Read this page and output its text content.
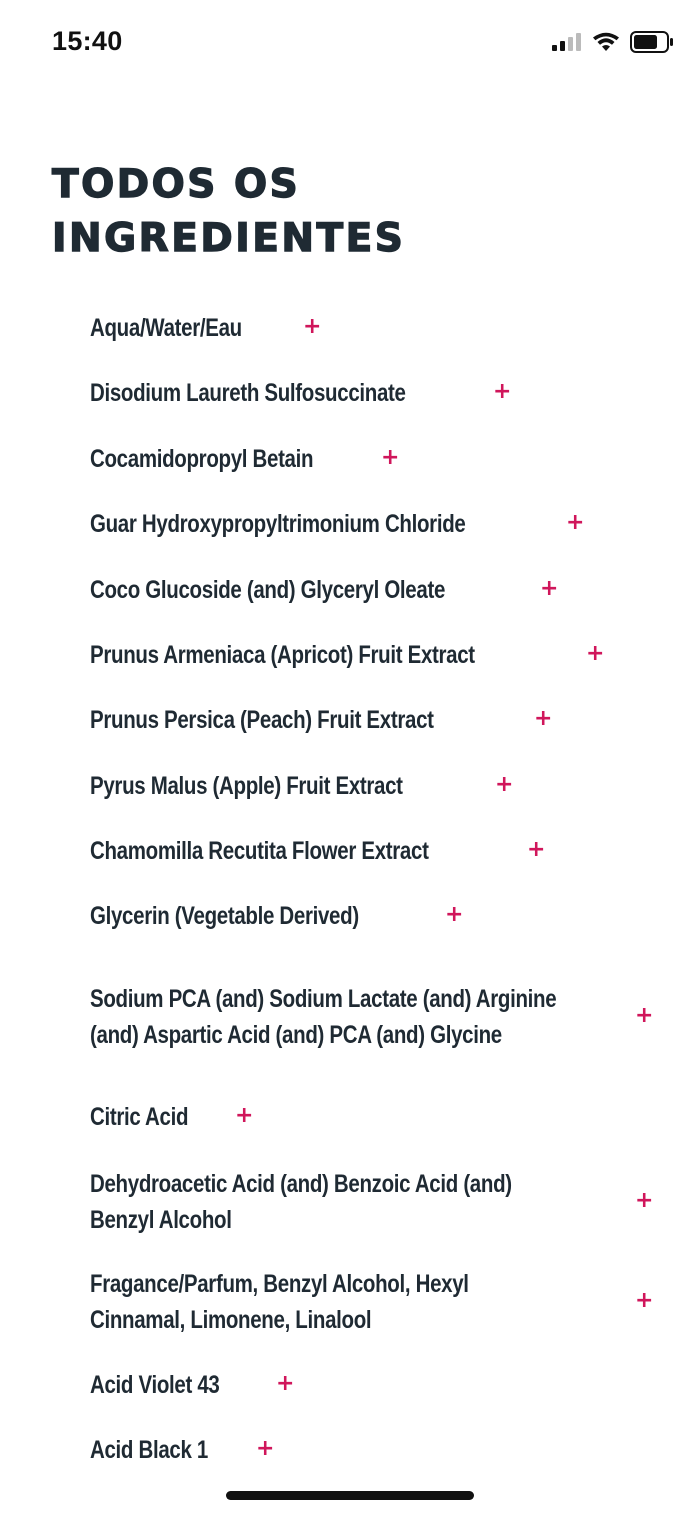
15:40
TODOS OS INGREDIENTES
Aqua/Water/Eau	+
Disodium Laureth Sulfosuccinate	+
Cocamidopropyl Betain	+
Guar Hydroxypropyltrimonium Chloride	+
Coco Glucoside (and) Glyceryl Oleate	+
Prunus Armeniaca (Apricot) Fruit Extract	+
Prunus Persica (Peach) Fruit Extract	+
Pyrus Malus (Apple) Fruit Extract	+
Chamomilla Recutita Flower Extract	+
Glycerin (Vegetable Derived)	+
Sodium PCA (and) Sodium Lactate (and) Arginine (and) Aspartic Acid (and) PCA (and) Glycine
+
Citric Acid +
Dehydroacetic Acid (and) Benzoic Acid (and) Benzyl Alcohol
+
Fragance/Parfum, Benzyl Alcohol, Hexyl Cinnamal, Limonene, Linalool
+
Acid Violet 43	+
Acid Black 1 +
